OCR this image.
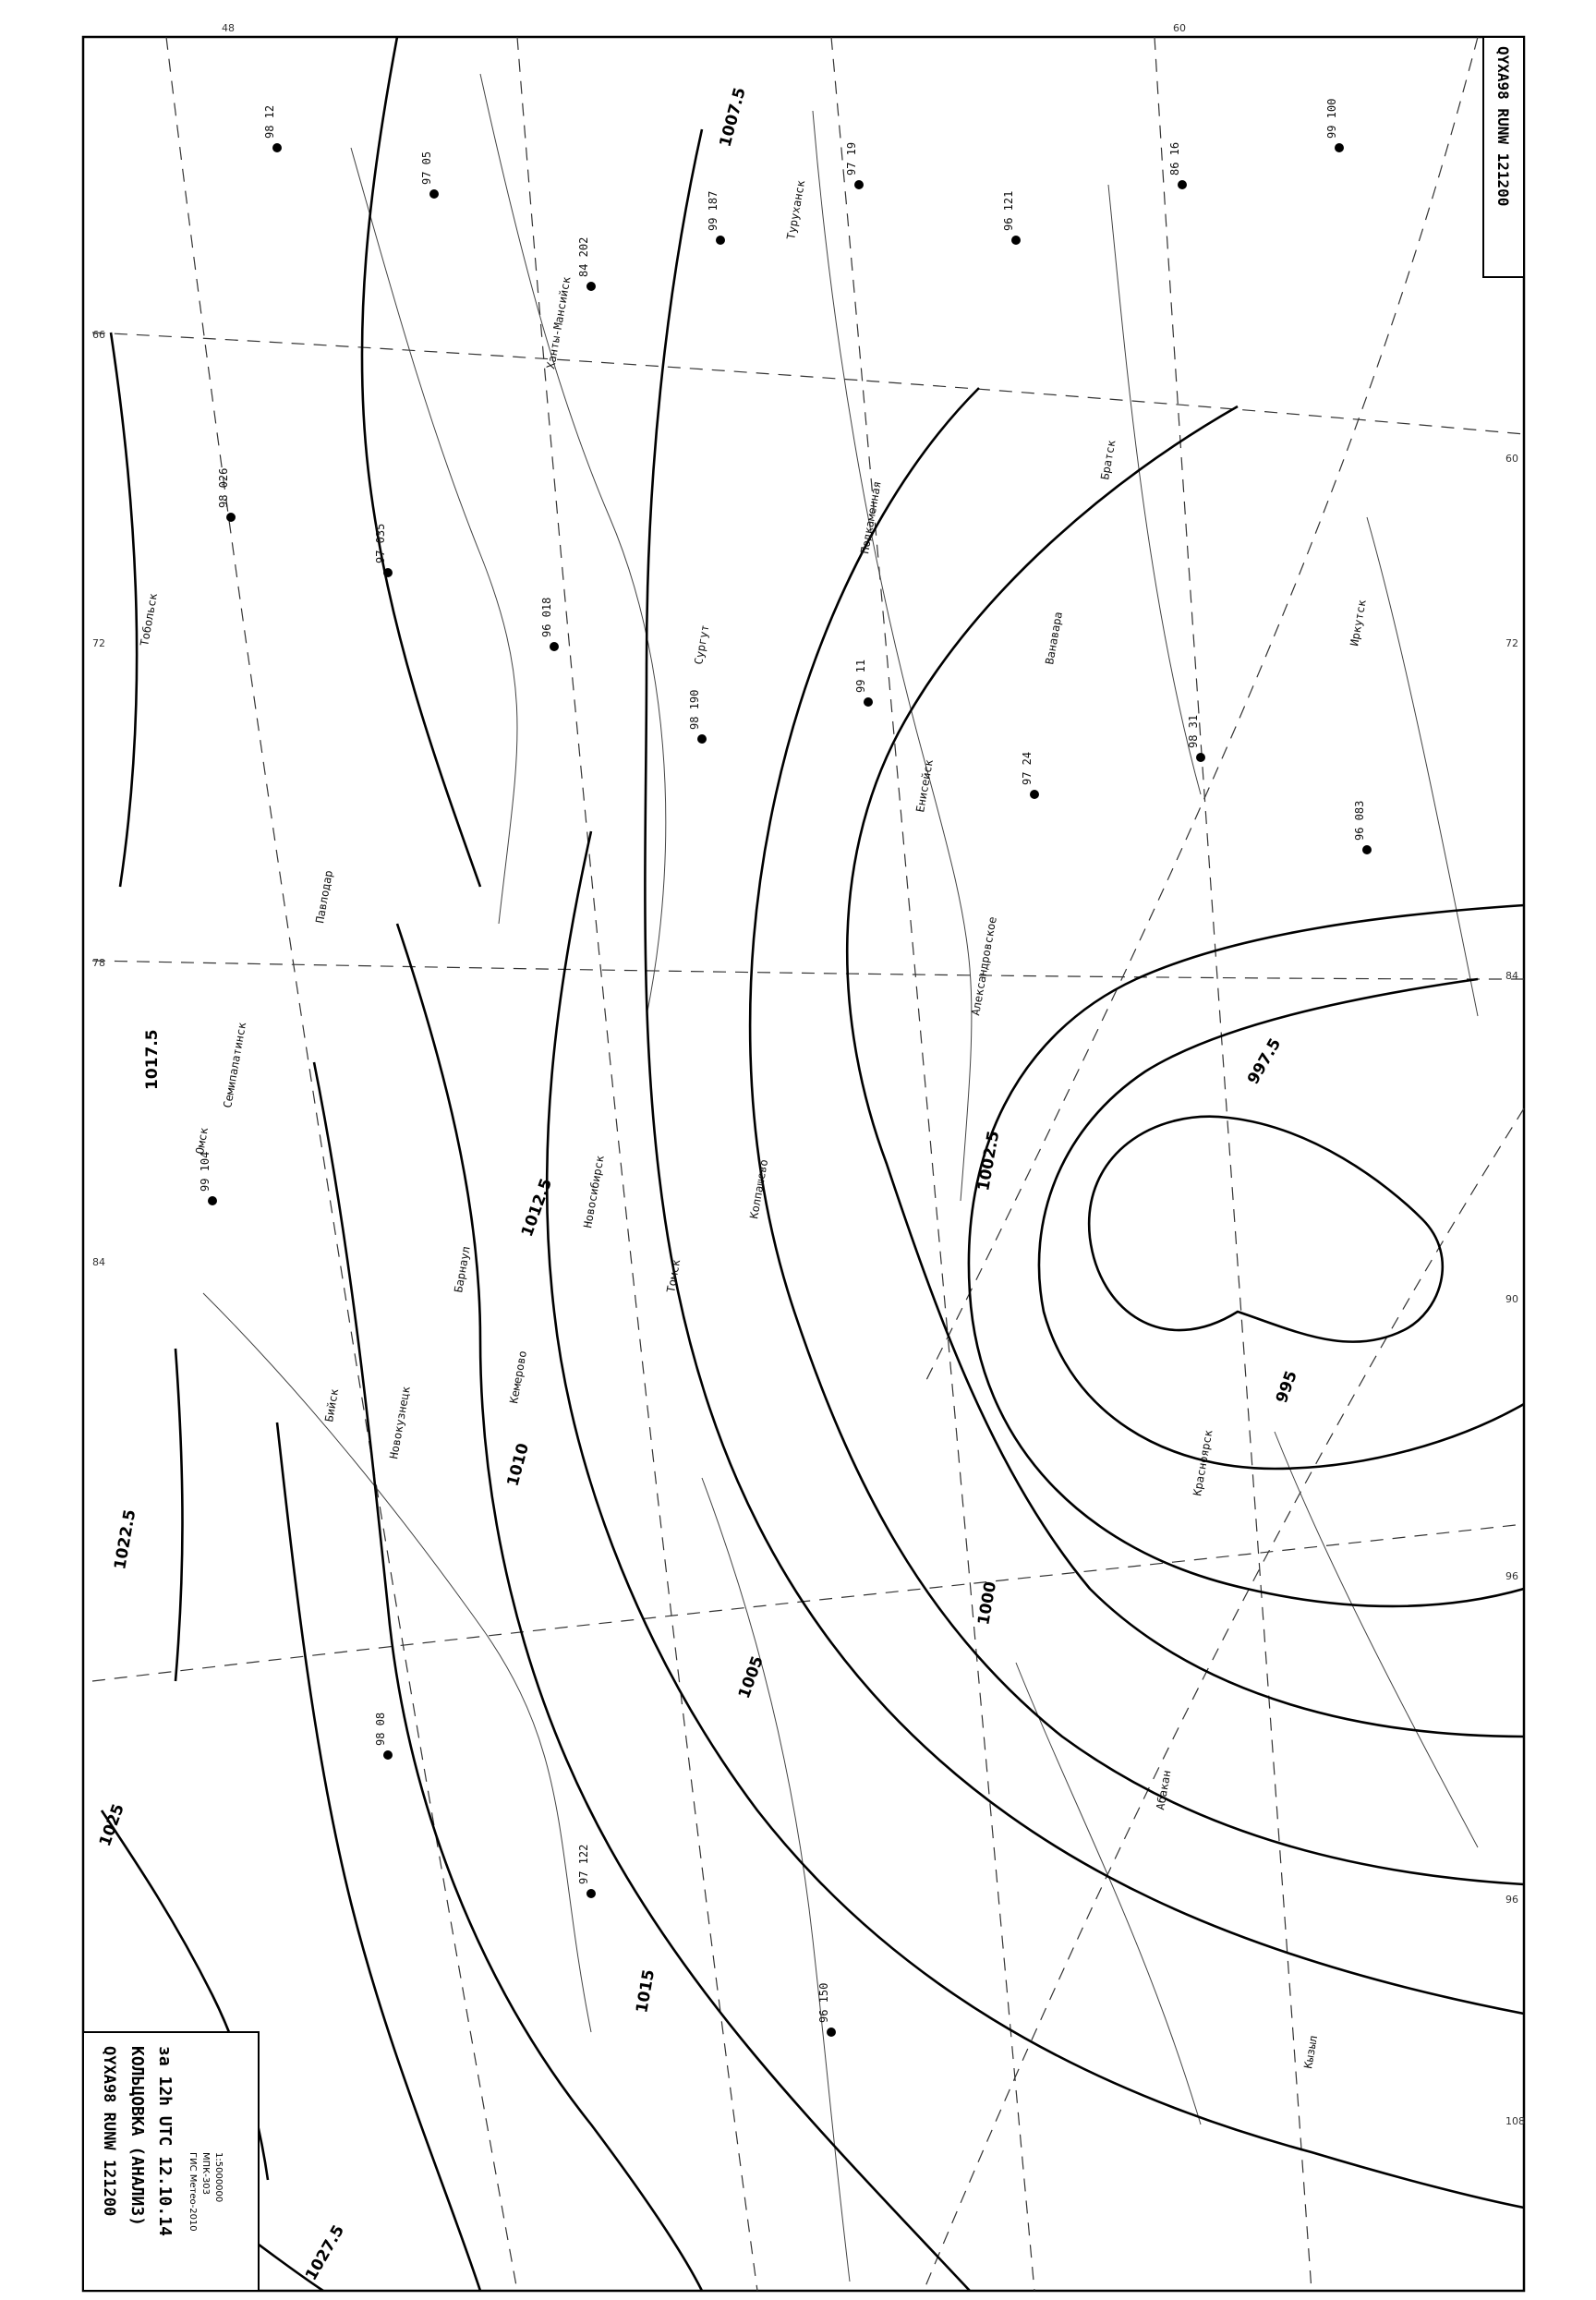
995
997.5
1000
1002.5
1005
1007.5
1010
1012.5
1015
1017.5
1022.5
1025
1027.5
48	60
66
72
78
84
90
96
60
72
84
96
108
Павлодар
Семипалатинск
Барнаул
Новосибирск
Томск
Кемерово
Новокузнецк
Бийск
Красноярск
Абакан
Кызыл
Иркутск
Братск
Александровское
Тобольск
Омск
Ханты-Мансийск
Сургут
Колпашево
Енисейск
Подкаменная
Ванавара
Туруханск
98 12
97 05
84 202
99 187
97 19
96 121
86 16
99 100
98 026
97 035
96 018
98 190
99 11
97 24
98 31
96 083
99 104
98 08
97 122
96 150
QYXA98 RUNW 121200
QYXA98 RUNW 121200 КОЛЬЦОВКА (АНАЛИЗ) за 12h UTC 12.10.14 ГИС Метео-2010 МПК-303 1:5000000
